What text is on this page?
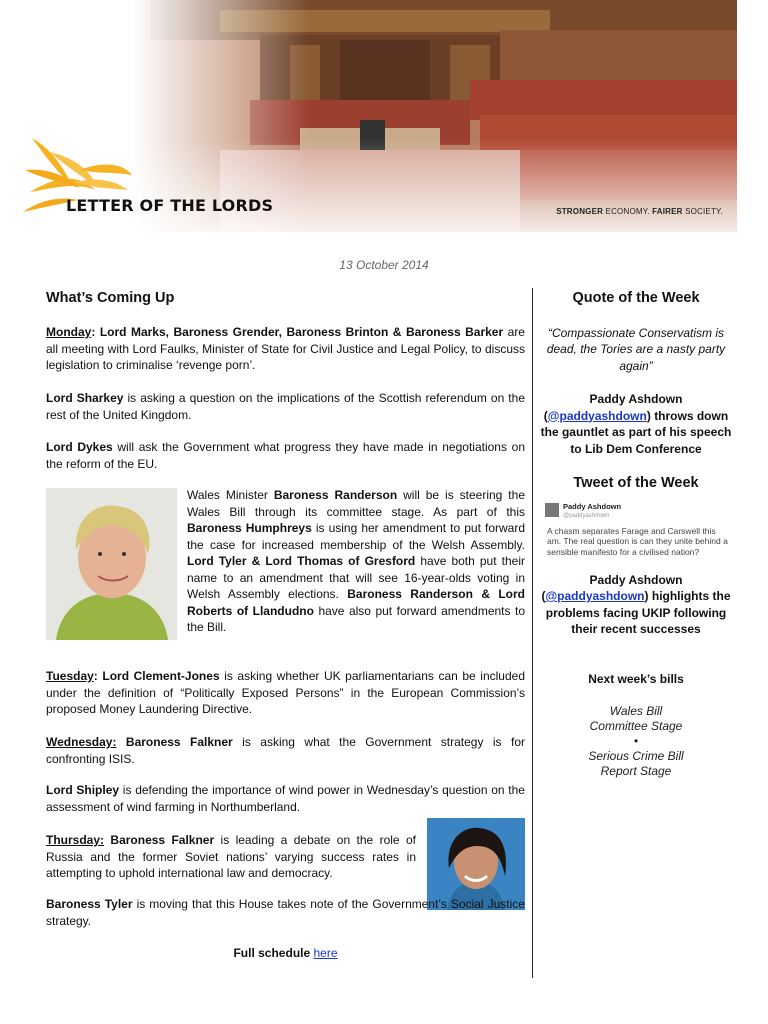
LETTER OF THE LORDS	STRONGER ECONOMY. FAIRER SOCIETY.
13 October 2014
What’s Coming Up
Monday: Lord Marks, Baroness Grender, Baroness Brinton & Baroness Barker are all meeting with Lord Faulks, Minister of State for Civil Justice and Legal Policy, to discuss legislation to criminalise ‘revenge porn’.
Lord Sharkey is asking a question on the implications of the Scottish referendum on the rest of the United Kingdom.
Lord Dykes will ask the Government what progress they have made in negotiations on the reform of the EU.
Wales Minister Baroness Randerson will be is steering the Wales Bill through its committee stage. As part of this Baroness Humphreys is using her amendment to put forward the case for increased membership of the Welsh Assembly. Lord Tyler & Lord Thomas of Gresford have both put their name to an amendment that will see 16-year-olds voting in Welsh Assembly elections. Baroness Randerson & Lord Roberts of Llandudno have also put forward amendments to the Bill.
Tuesday: Lord Clement-Jones is asking whether UK parliamentarians can be included under the definition of “Politically Exposed Persons” in the European Commission’s proposed Money Laundering Directive.
Wednesday: Baroness Falkner is asking what the Government strategy is for confronting ISIS.
Lord Shipley is defending the importance of wind power in Wednesday’s question on the assessment of wind farming in Northumberland.
Thursday: Baroness Falkner is leading a debate on the role of Russia and the former Soviet nations’ varying success rates in attempting to uphold international law and democracy.
Baroness Tyler is moving that this House takes note of the Government’s Social Justice strategy.
Full schedule here
Quote of the Week
“Compassionate Conservatism is dead, the Tories are a nasty party again”
Paddy Ashdown
(@paddyashdown) throws down the gauntlet as part of his speech to Lib Dem Conference
Tweet of the Week
Paddy Ashdown
@paddyashdown
A chasm separates Farage and Carswell this am. The real question is can they unite behind a sensible manifesto for a civilised nation?
Paddy Ashdown
(@paddyashdown) highlights the problems facing UKIP following their recent successes
Next week’s bills
Wales Bill
Committee Stage
•
Serious Crime Bill
Report Stage
